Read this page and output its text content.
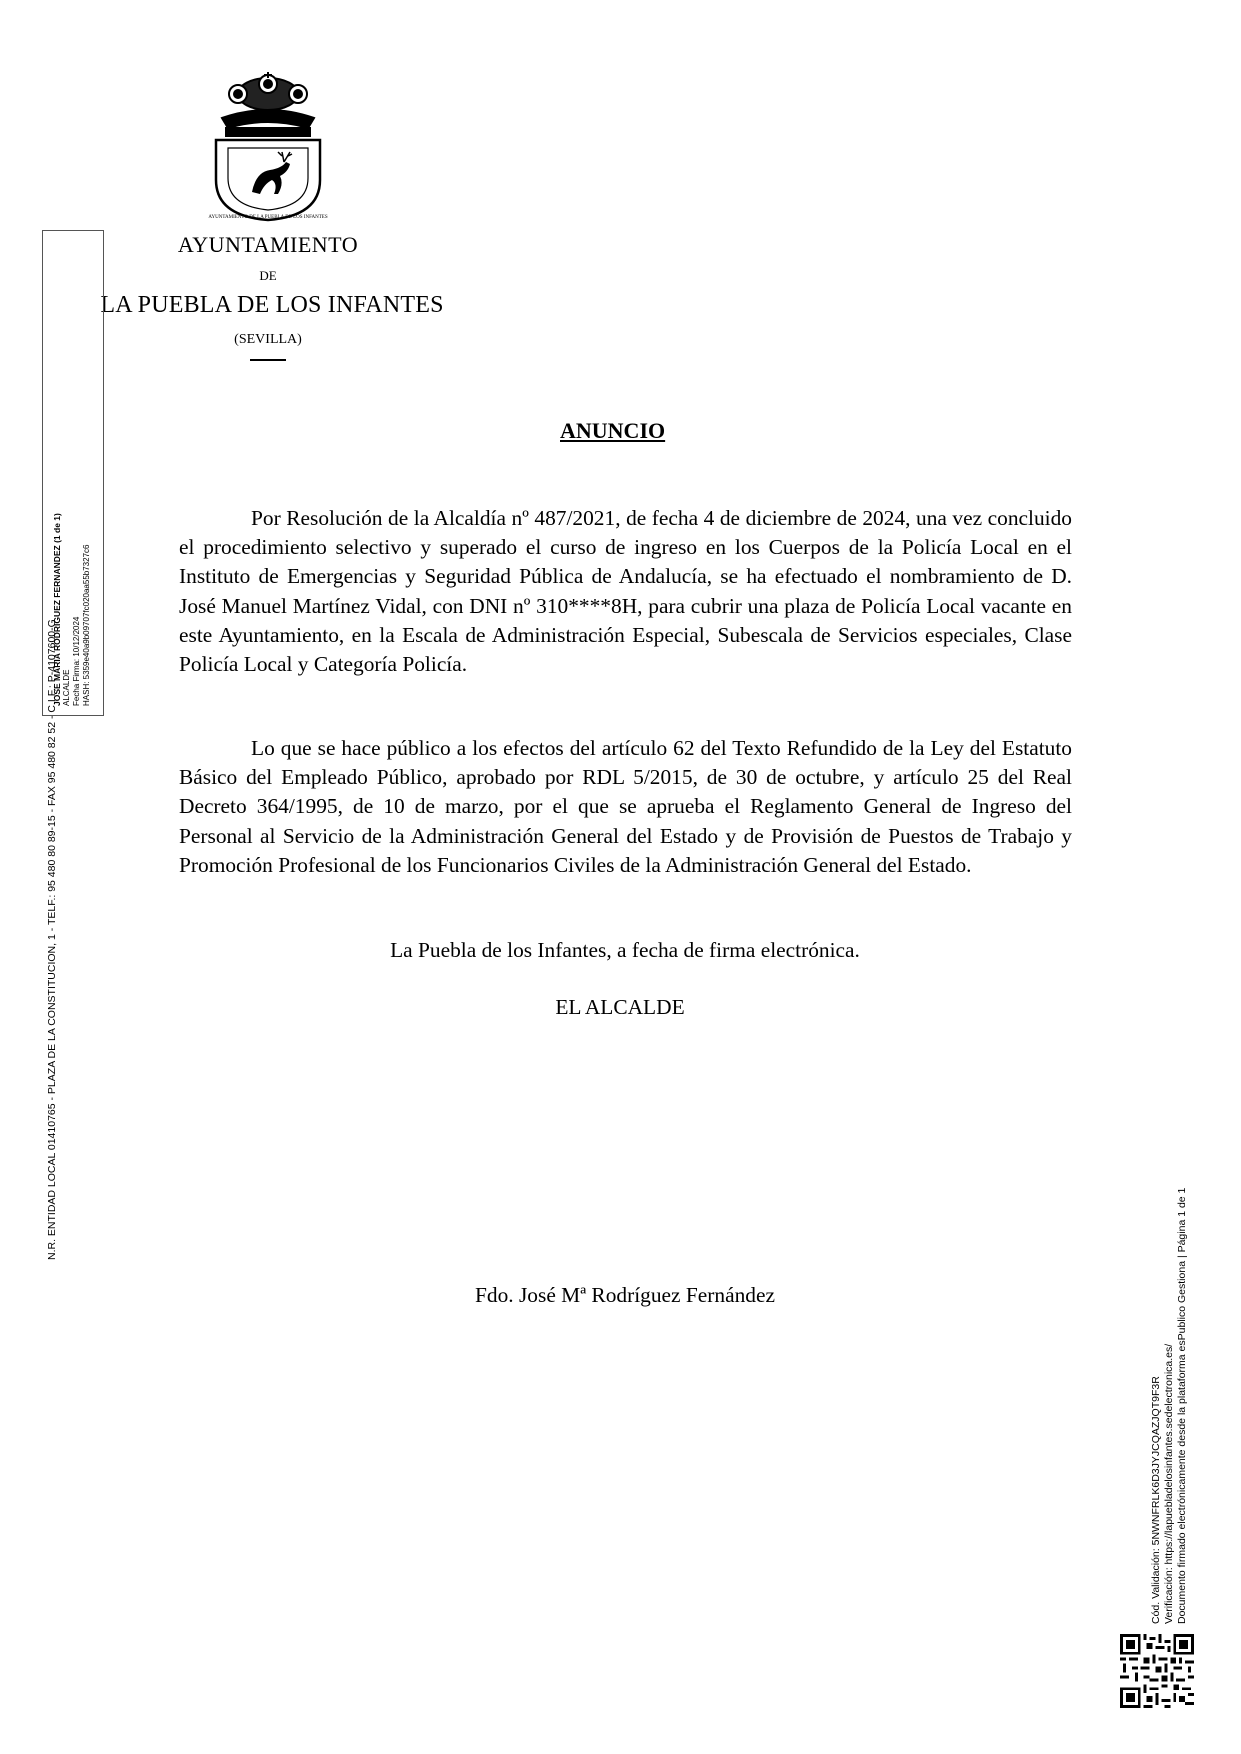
AYUNTAMIENTO DE LA PUEBLA DE LOS INFANTES
AYUNTAMIENTO
DE
LA PUEBLA DE LOS INFANTES
(SEVILLA)
JOSE MARIA RODRIGUEZ FERNANDEZ (1 de 1) ALCALDE Fecha Firma: 10/12/2024 HASH: 5359e40a9b09707fc020aa55b7327c6
N.R. ENTIDAD LOCAL 01410765 - PLAZA DE LA CONSTITUCION, 1 - TELF.: 95 480 80 89-15 - FAX 95 480 82 52 - C.I.F.: P-4107600-G
ANUNCIO
Por Resolución de la Alcaldía nº 487/2021, de fecha 4 de diciembre de 2024, una vez concluido el procedimiento selectivo y superado el curso de ingreso en los Cuerpos de la Policía Local en el Instituto de Emergencias y Seguridad Pública de Andalucía, se ha efectuado el nombramiento de D. José Manuel Martínez Vidal, con DNI nº 310****8H, para cubrir una plaza de Policía Local vacante en este Ayuntamiento, en la Escala de Administración Especial, Subescala de Servicios especiales, Clase Policía Local y Categoría Policía.
Lo que se hace público a los efectos del artículo 62 del Texto Refundido de la Ley del Estatuto Básico del Empleado Público, aprobado por RDL 5/2015, de 30 de octubre, y artículo 25 del Real Decreto 364/1995, de 10 de marzo, por el que se aprueba el Reglamento General de Ingreso del Personal al Servicio de la Administración General del Estado y de Provisión de Puestos de Trabajo y Promoción Profesional de los Funcionarios Civiles de la Administración General del Estado.
La Puebla de los Infantes, a fecha de firma electrónica.
EL ALCALDE
Fdo. José Mª Rodríguez Fernández
Cód. Validación: 5NWNFRLK6D3JYJCQAZJQT9F3R Verificación: https://lapuebladelosinfantes.sedelectronica.es/ Documento firmado electrónicamente desde la plataforma esPublico Gestiona | Página 1 de 1
